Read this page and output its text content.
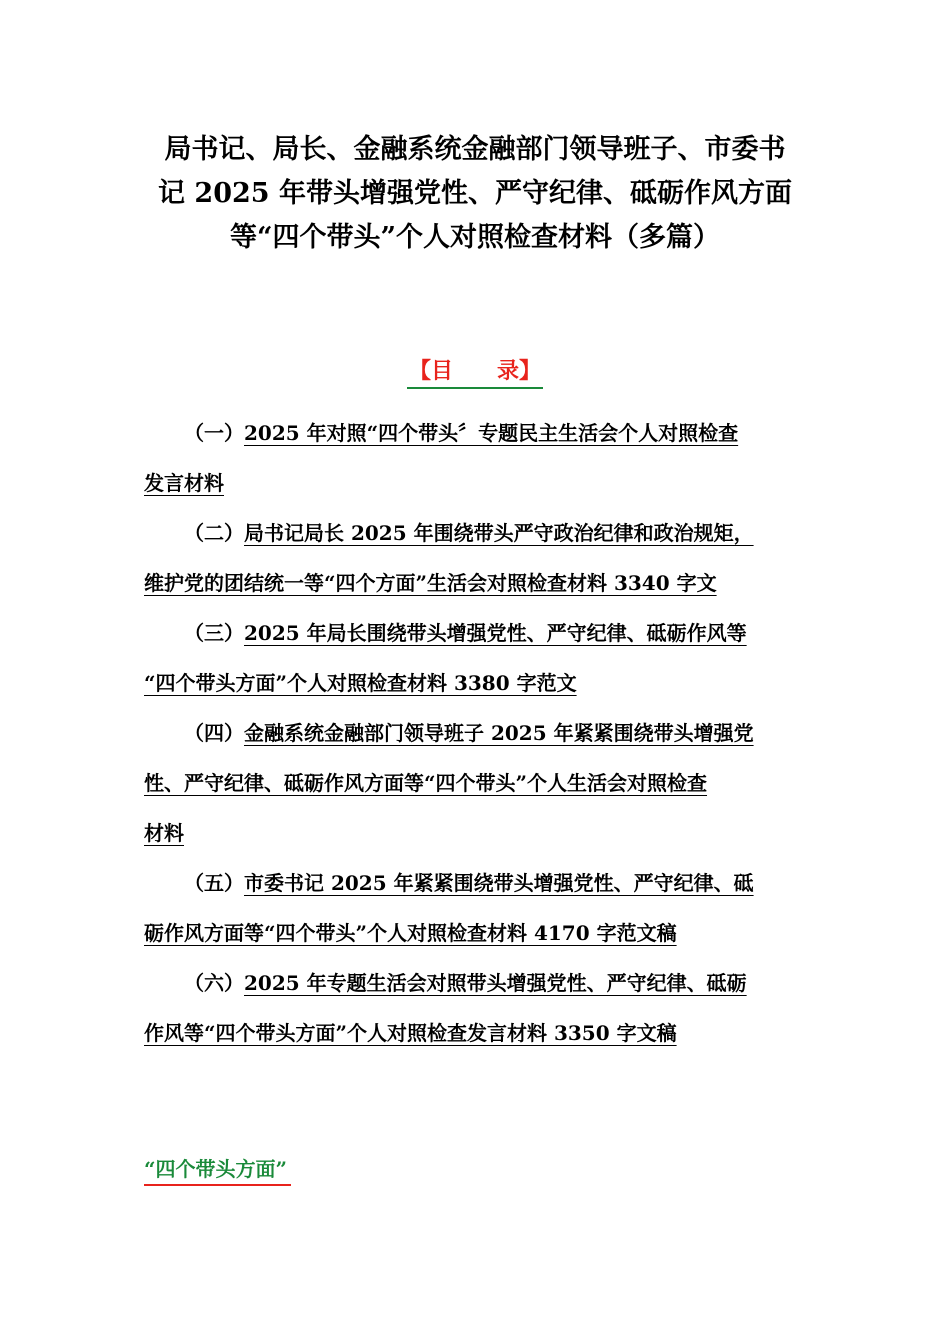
局书记、局长、金融系统金融部门领导班子、市委书
记 2025 年带头增强党性、严守纪律、砥砺作风方面
等“四个带头”个人对照检查材料（多篇）
【目　　录】
（一）2025 年对照“四个带头〞专题民主生活会个人对照检查
发言材料
（二）局书记局长 2025 年围绕带头严守政治纪律和政治规矩，
维护党的团结统一等“四个方面”生活会对照检查材料 3340 字文
（三）2025 年局长围绕带头增强党性、严守纪律、砥砺作风等
“四个带头方面”个人对照检查材料 3380 字范文
（四）金融系统金融部门领导班子 2025 年紧紧围绕带头增强党
性、严守纪律、砥砺作风方面等“四个带头”个人生活会对照检查
材料
（五）市委书记 2025 年紧紧围绕带头增强党性、严守纪律、砥
砺作风方面等“四个带头”个人对照检查材料 4170 字范文稿
（六）2025 年专题生活会对照带头增强党性、严守纪律、砥砺
作风等“四个带头方面”个人对照检查发言材料 3350 字文稿
“四个带头方面”
